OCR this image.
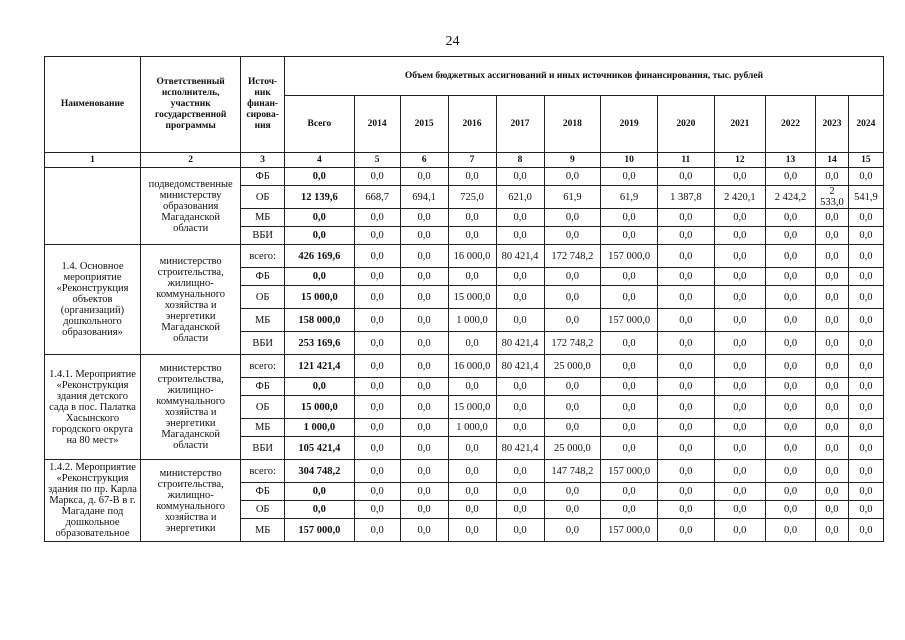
24
Наименование	Ответственный исполнитель, участник государственной программы	Источ-ник финан-сирова-ния	Объем бюджетных ассигнований и иных источников финансирования, тыс. рублей											
			Всего	2014	2015	2016	2017	2018	2019	2020	2021	2022	2023	2024
1	2	3	4	5	6	7	8	9	10	11	12	13	14	15
	подведомственные министерству образования Магаданской области	ФБ	0,0	0,0	0,0	0,0	0,0	0,0	0,0	0,0	0,0	0,0	0,0	0,0
		ОБ	12 139,6	668,7	694,1	725,0	621,0	61,9	61,9	1 387,8	2 420,1	2 424,2	2 533,0	541,9
		МБ	0,0	0,0	0,0	0,0	0,0	0,0	0,0	0,0	0,0	0,0	0,0	0,0
		ВБИ	0,0	0,0	0,0	0,0	0,0	0,0	0,0	0,0	0,0	0,0	0,0	0,0
1.4. Основное мероприятие «Реконструкция объектов (организаций) дошкольного образования»	министерство строительства, жилищно-коммунального хозяйства и энергетики Магаданской области	всего:	426 169,6	0,0	0,0	16 000,0	80 421,4	172 748,2	157 000,0	0,0	0,0	0,0	0,0	0,0
		ФБ	0,0	0,0	0,0	0,0	0,0	0,0	0,0	0,0	0,0	0,0	0,0	0,0
		ОБ	15 000,0	0,0	0,0	15 000,0	0,0	0,0	0,0	0,0	0,0	0,0	0,0	0,0
		МБ	158 000,0	0,0	0,0	1 000,0	0,0	0,0	157 000,0	0,0	0,0	0,0	0,0	0,0
		ВБИ	253 169,6	0,0	0,0	0,0	80 421,4	172 748,2	0,0	0,0	0,0	0,0	0,0	0,0
1.4.1. Мероприятие «Реконструкция здания детского сада в пос. Палатка Хасынского городского округа на 80 мест»	министерство строительства, жилищно-коммунального хозяйства и энергетики Магаданской области	всего:	121 421,4	0,0	0,0	16 000,0	80 421,4	25 000,0	0,0	0,0	0,0	0,0	0,0	0,0
		ФБ	0,0	0,0	0,0	0,0	0,0	0,0	0,0	0,0	0,0	0,0	0,0	0,0
		ОБ	15 000,0	0,0	0,0	15 000,0	0,0	0,0	0,0	0,0	0,0	0,0	0,0	0,0
		МБ	1 000,0	0,0	0,0	1 000,0	0,0	0,0	0,0	0,0	0,0	0,0	0,0	0,0
		ВБИ	105 421,4	0,0	0,0	0,0	80 421,4	25 000,0	0,0	0,0	0,0	0,0	0,0	0,0
1.4.2. Мероприятие «Реконструкция здания по пр. Карла Маркса, д. 67-В в г. Магадане под дошкольное образовательное	министерство строительства, жилищно-коммунального хозяйства и энергетики	всего:	304 748,2	0,0	0,0	0,0	0,0	147 748,2	157 000,0	0,0	0,0	0,0	0,0	0,0
		ФБ	0,0	0,0	0,0	0,0	0,0	0,0	0,0	0,0	0,0	0,0	0,0	0,0
		ОБ	0,0	0,0	0,0	0,0	0,0	0,0	0,0	0,0	0,0	0,0	0,0	0,0
		МБ	157 000,0	0,0	0,0	0,0	0,0	0,0	157 000,0	0,0	0,0	0,0	0,0	0,0
